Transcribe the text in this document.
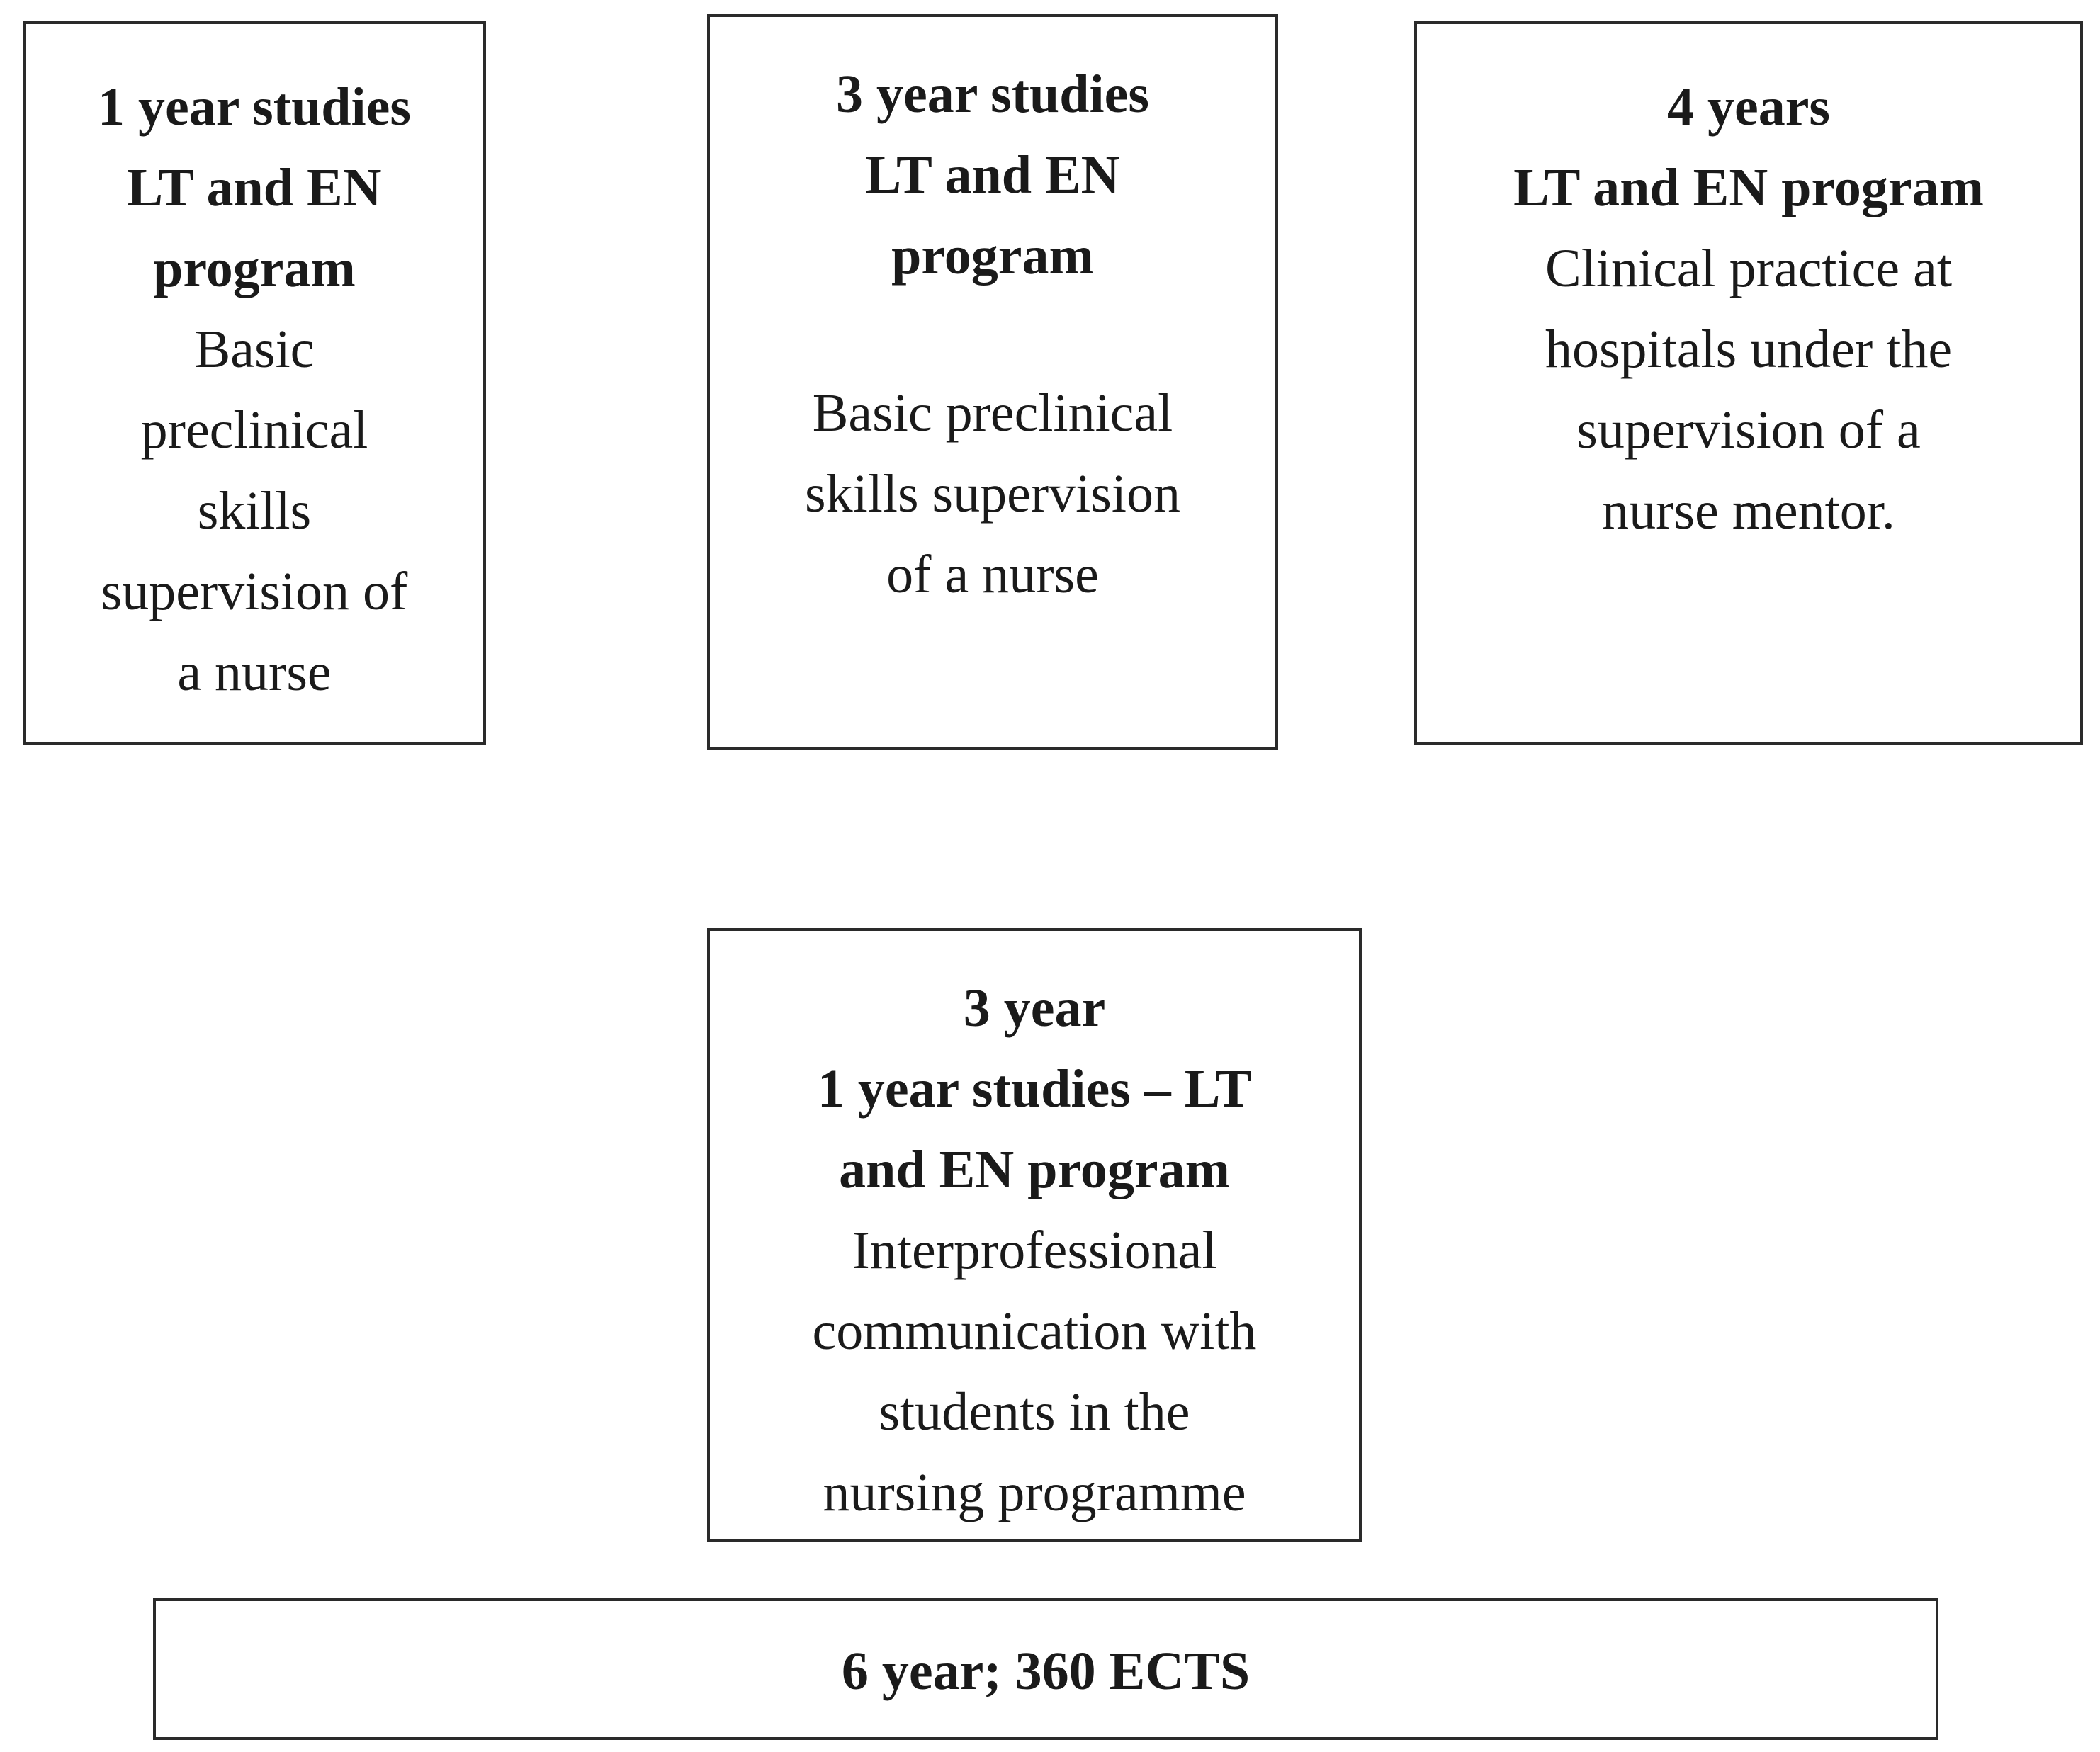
1 year studies
LT and EN
program
Basic
preclinical
skills
supervision of
a nurse
3 year studies
LT and EN
program
Basic preclinical
skills supervision
of a nurse
4 years
LT and EN program
Clinical practice at
hospitals under the
supervision of a
nurse mentor.
3 year
1 year studies – LT
and EN program
Interprofessional
communication with
students in the
nursing programme
6 year; 360 ECTS
